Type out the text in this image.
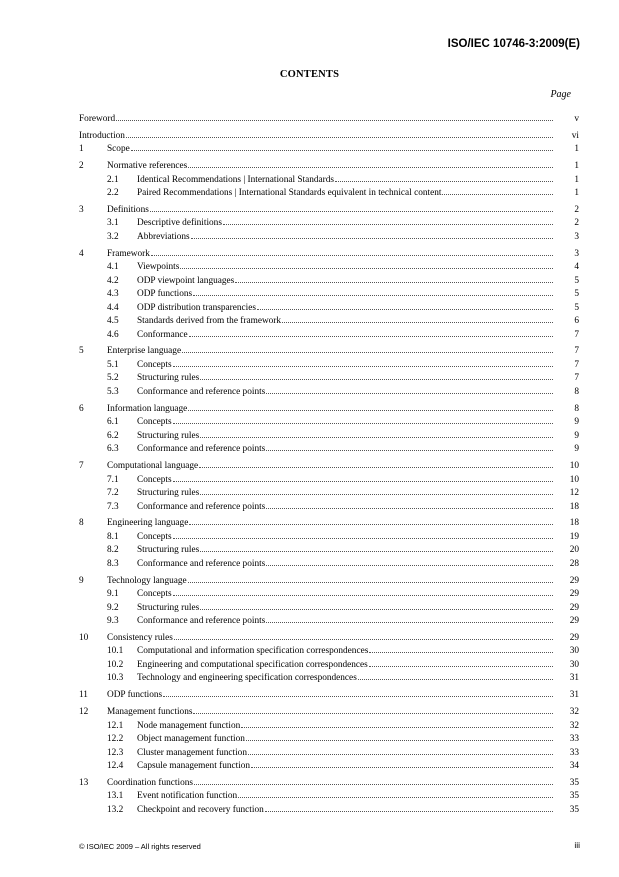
ISO/IEC 10746-3:2009(E)
CONTENTS
Page
Foreword	v
Introduction	vi
1	Scope	1
2	Normative references	1
2.1	Identical Recommendations | International Standards	1
2.2	Paired Recommendations | International Standards equivalent in technical content	1
3	Definitions	2
3.1	Descriptive definitions	2
3.2	Abbreviations	3
4	Framework	3
4.1	Viewpoints	4
4.2	ODP viewpoint languages	5
4.3	ODP functions	5
4.4	ODP distribution transparencies	5
4.5	Standards derived from the framework	6
4.6	Conformance	7
5	Enterprise language	7
5.1	Concepts	7
5.2	Structuring rules	7
5.3	Conformance and reference points	8
6	Information language	8
6.1	Concepts	9
6.2	Structuring rules	9
6.3	Conformance and reference points	9
7	Computational language	10
7.1	Concepts	10
7.2	Structuring rules	12
7.3	Conformance and reference points	18
8	Engineering language	18
8.1	Concepts	19
8.2	Structuring rules	20
8.3	Conformance and reference points	28
9	Technology language	29
9.1	Concepts	29
9.2	Structuring rules	29
9.3	Conformance and reference points	29
10	Consistency rules	29
10.1	Computational and information specification correspondences	30
10.2	Engineering and computational specification correspondences	30
10.3	Technology and engineering specification correspondences	31
11	ODP functions	31
12	Management functions	32
12.1	Node management function	32
12.2	Object management function	33
12.3	Cluster management function	33
12.4	Capsule management function	34
13	Coordination functions	35
13.1	Event notification function	35
13.2	Checkpoint and recovery function	35
© ISO/IEC 2009 – All rights reserved	iii
